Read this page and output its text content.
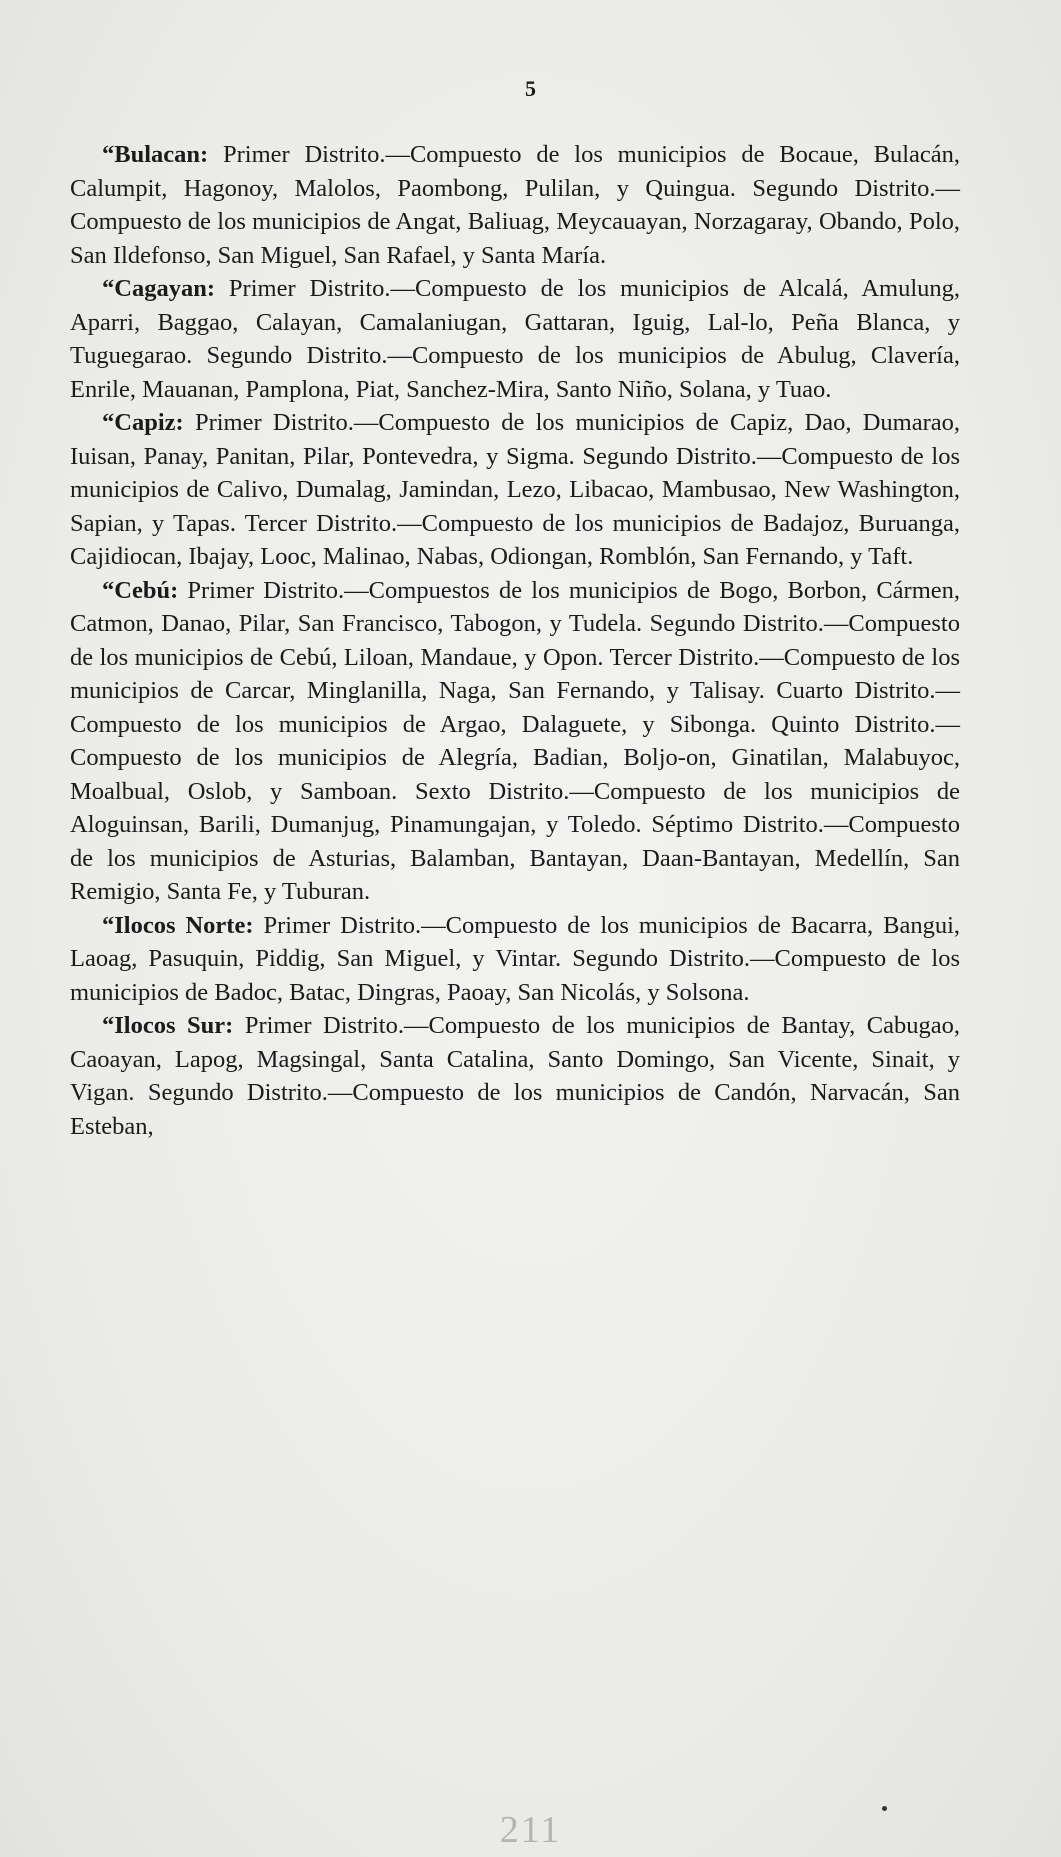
5

“Bulacan: Primer Distrito.—Compuesto de los municipios de Bocaue, Bulacán, Calumpit, Hagonoy, Malolos, Paombong, Pulilan, y Quingua. Segundo Distrito.—Compuesto de los municipios de Angat, Baliuag, Meycauayan, Norzagaray, Obando, Polo, San Ildefonso, San Miguel, San Rafael, y Santa María.

“Cagayan: Primer Distrito.—Compuesto de los municipios de Alcalá, Amulung, Aparri, Baggao, Calayan, Camalaniugan, Gattaran, Iguig, Lal-lo, Peña Blanca, y Tuguegarao. Segundo Distrito.—Compuesto de los municipios de Abulug, Clavería, Enrile, Mauanan, Pamplona, Piat, Sanchez-Mira, Santo Niño, Solana, y Tuao.

“Capiz: Primer Distrito.—Compuesto de los municipios de Capiz, Dao, Dumarao, Iuisan, Panay, Panitan, Pilar, Pontevedra, y Sigma. Segundo Distrito.—Compuesto de los municipios de Calivo, Dumalag, Jamindan, Lezo, Libacao, Mambusao, New Washington, Sapian, y Tapas. Tercer Distrito.—Compuesto de los municipios de Badajoz, Buruanga, Cajidiocan, Ibajay, Looc, Malinao, Nabas, Odiongan, Romblón, San Fernando, y Taft.

“Cebú: Primer Distrito.—Compuestos de los municipios de Bogo, Borbon, Cármen, Catmon, Danao, Pilar, San Francisco, Tabogon, y Tudela. Segundo Distrito.—Compuesto de los municipios de Cebú, Liloan, Mandaue, y Opon. Tercer Distrito.—Compuesto de los municipios de Carcar, Minglanilla, Naga, San Fernando, y Talisay. Cuarto Distrito.—Compuesto de los municipios de Argao, Dalaguete, y Sibonga. Quinto Distrito.—Compuesto de los municipios de Alegría, Badian, Boljo-on, Ginatilan, Malabuyoc, Moalbual, Oslob, y Samboan. Sexto Distrito.—Compuesto de los municipios de Aloguinsan, Barili, Dumanjug, Pinamungajan, y Toledo. Séptimo Distrito.—Compuesto de los municipios de Asturias, Balamban, Bantayan, Daan-Bantayan, Medellín, San Remigio, Santa Fe, y Tuburan.

“Ilocos Norte: Primer Distrito.—Compuesto de los municipios de Bacarra, Bangui, Laoag, Pasuquin, Piddig, San Miguel, y Vintar. Segundo Distrito.—Compuesto de los municipios de Badoc, Batac, Dingras, Paoay, San Nicolás, y Solsona.

“Ilocos Sur: Primer Distrito.—Compuesto de los municipios de Bantay, Cabugao, Caoayan, Lapog, Magsingal, Santa Catalina, Santo Domingo, San Vicente, Sinait, y Vigan. Segundo Distrito.—Compuesto de los municipios de Candón, Narvacán, San Esteban,

211
